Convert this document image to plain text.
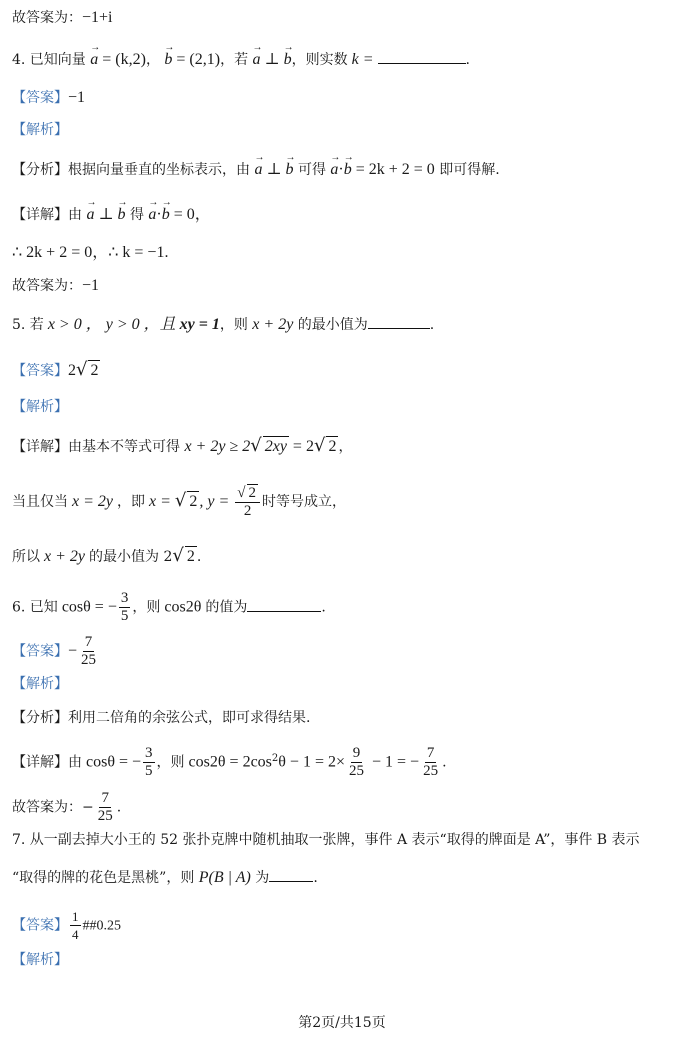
故答案为：−1+i
4. 已知向量 → a = (k,2)， → b = (2,1)，若 → a ⊥ → b，则实数 k =	.
【答案】−1
【解析】
【分析】根据向量垂直的坐标表示，由 → a ⊥ → b 可得 → a·→ b = 2k + 2 = 0 即可得解.
【详解】由 → a ⊥ → b 得 → a·→ b = 0，
∴ 2k + 2 = 0，∴ k = −1.
故答案为：−1
5. 若 x > 0 ， y > 0 ，且 xy = 1，则 x + 2y 的最小值为	.
【答案】2√ 2
【解析】
【详解】由基本不等式可得 x + 2y ≥ 2√ 2xy = 2√ 2 ，
当且仅当 x = 2y ，即 x = √ 2 , $y = \frac{√ 2}{2}$ 时等号成立，
所以 x + 2y 的最小值为 2√ 2 .
6. 已知 cosθ = − $\frac{3}{5}$ ，则 cos2θ 的值为	.
【答案】− $\frac{7}{25}$
【解析】
【分析】利用二倍角的余弦公式，即可求得结果.
【详解】由 cosθ = − $\frac{3}{5}$ ，则 $\cos 2\theta = 2\cos^2\theta - 1 = 2\times \frac{9}{25} - 1$ = − $\frac{7}{25}$ .
故答案为：− $\frac{7}{25}$ .
7. 从一副去掉大小王的 52 张扑克牌中随机抽取一张牌，事件 A 表示“取得的牌面是 A”，事件 B 表示
“取得的牌的花色是黑桃”，则 P(B | A) 为	.
【答案】 $\frac{1}{4}$ ##0.25
【解析】
第2页/共15页
